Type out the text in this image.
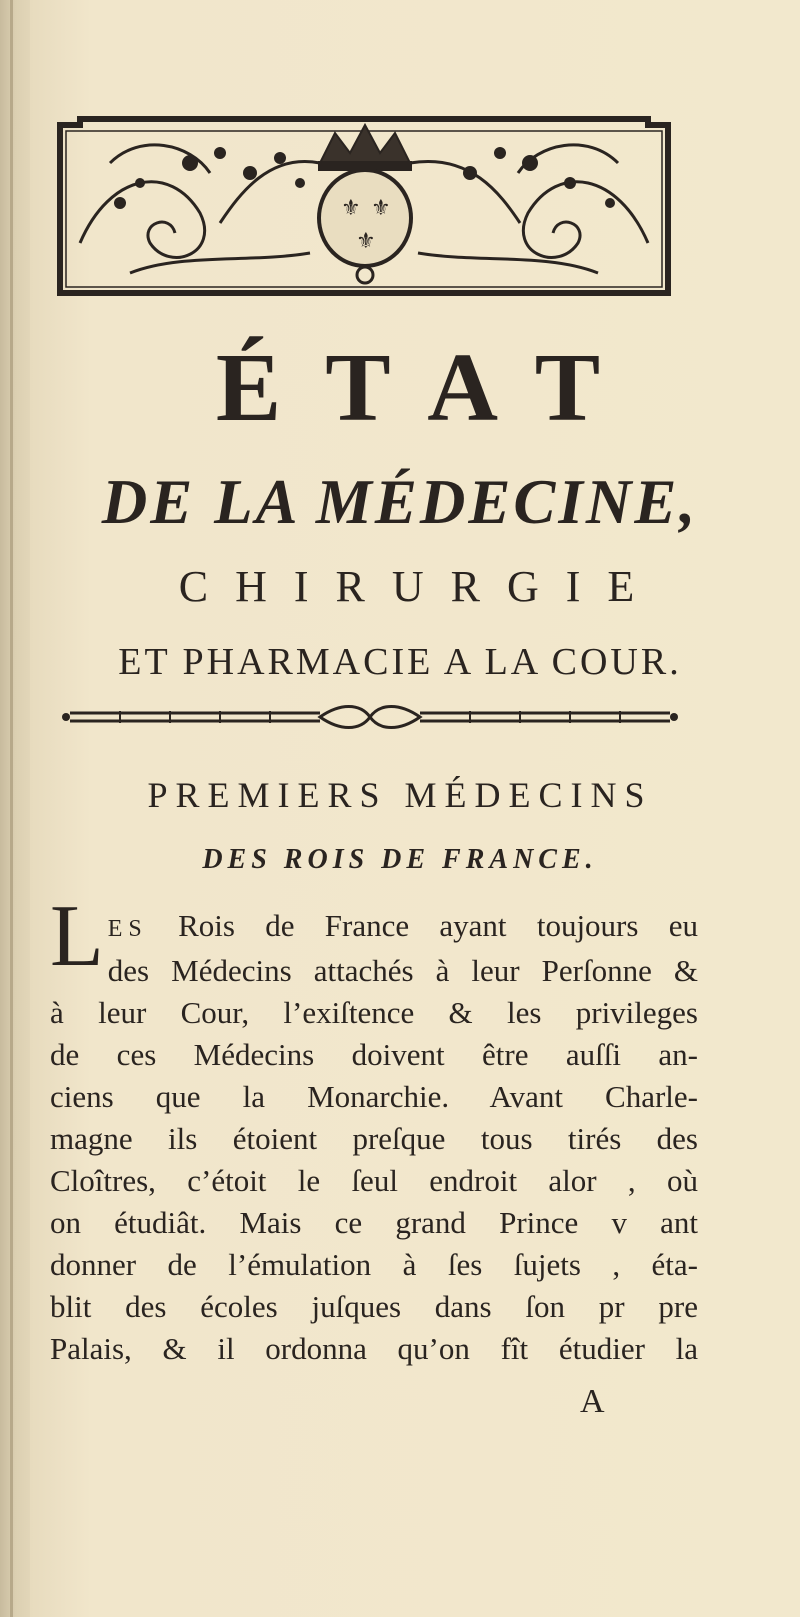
⚜ ⚜
⚜
ÉTAT
DE LA MÉDECINE,
CHIRURGIE
ET PHARMACIE A LA COUR.
PREMIERS MÉDECINS
DES ROIS DE FRANCE.
LES Rois de France ayant toujours eu
des Médecins attachés à leur Perſonne &
à leur Cour, l’exiſtence & les privileges
de ces Médecins doivent être auſſi an-
ciens que la Monarchie. Avant Charle-
magne ils étoient preſque tous tirés des
Cloîtres, c’étoit le ſeul endroit alor , où
on étudiât. Mais ce grand Prince v ant
donner de l’émulation à ſes ſujets , éta-
blit des écoles juſques dans ſon pr pre
Palais, & il ordonna qu’on fît étudier la
A
